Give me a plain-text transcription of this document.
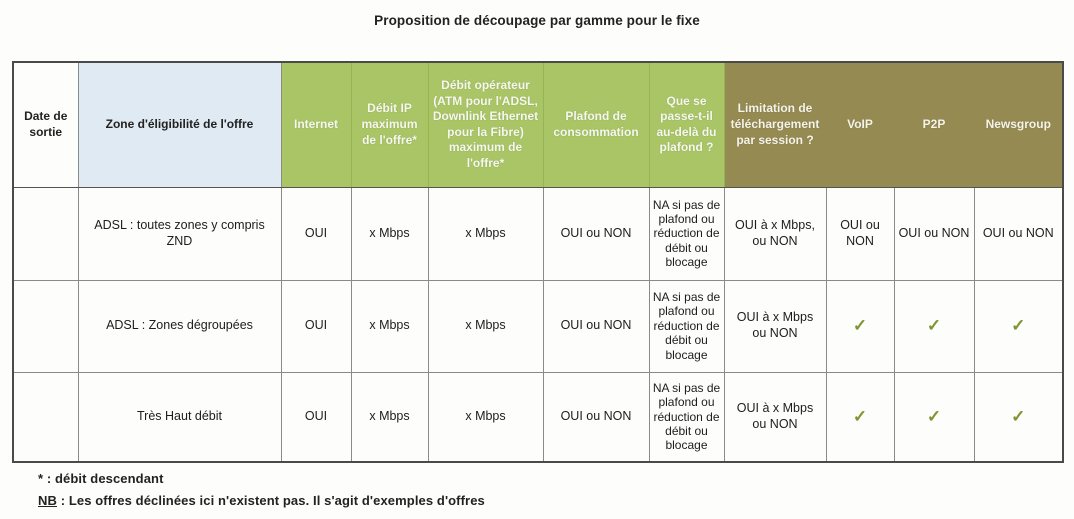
Proposition de découpage par gamme pour le fixe
Date de sortie	Zone d'éligibilité de l'offre	Internet	Débit IP maximum de l'offre*	Débit opérateur (ATM pour l'ADSL, Downlink Ethernet pour la Fibre) maximum de l'offre*	Plafond de consommation	Que se passe-t-il au-delà du plafond ?	Limitation de téléchargement par session ?	VoIP	P2P	Newsgroup
	ADSL : toutes zones y compris ZND	OUI	x Mbps	x Mbps	OUI ou NON	NA si pas de plafond ou réduction de débit ou blocage	OUI à x Mbps, ou NON	OUI ou NON	OUI ou NON	OUI ou NON
	ADSL : Zones dégroupées	OUI	x Mbps	x Mbps	OUI ou NON	NA si pas de plafond ou réduction de débit ou blocage	OUI à x Mbps ou NON	✓	✓	✓
	Très Haut débit	OUI	x Mbps	x Mbps	OUI ou NON	NA si pas de plafond ou réduction de débit ou blocage	OUI à x Mbps ou NON	✓	✓	✓
* : débit descendant
NB : Les offres déclinées ici n'existent pas. Il s'agit d'exemples d'offres
